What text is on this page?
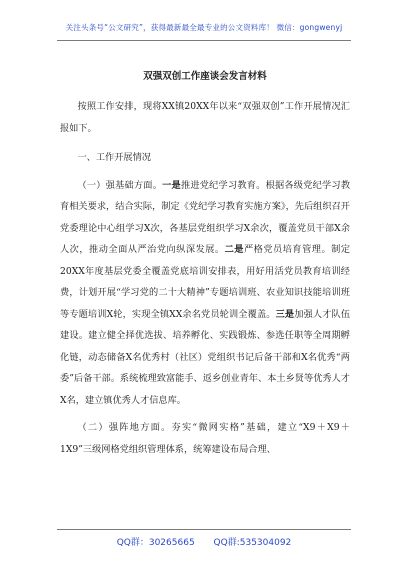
关注头条号“公文研究”，获得最新最全最专业的公文资料库！ 微信：gongwenyj

双强双创工作座谈会发言材料

按照工作安排，现将XX镇20XX年以来“双强双创”工作开展情况汇报如下。

一、工作开展情况

（一）强基础方面。一是推进党纪学习教育。根据各级党纪学习教育相关要求，结合实际，制定《党纪学习教育实施方案》，先后组织召开党委理论中心组学习X次，各基层党组织学习X余次，覆盖党员干部X余人次，推动全面从严治党向纵深发展。二是严格党员培育管理。制定20XX年度基层党委全覆盖党底培训安排表，用好用活党员教育培训经费，计划开展“学习党的二十大精神”专题培训班、农业知识技能培训班等专题培训X轮，实现全镇XX余名党员轮训全覆盖。三是加强人才队伍建设。建立健全择优选拔、培养孵化、实践锻炼、参选任职等全周期孵化链，动态储备X名优秀村（社区）党组织书记后备干部和X名优秀“两委”后备干部。系统梳理致富能手、返乡创业青年、本土乡贤等优秀人才X名，建立镇优秀人才信息库。

（二）强阵地方面。夯实“微网实格”基础，建立“X9＋X9＋1X9”三级网格党组织管理体系，统筹建设布局合理、

QQ群：30265665 QQ群:535304092
